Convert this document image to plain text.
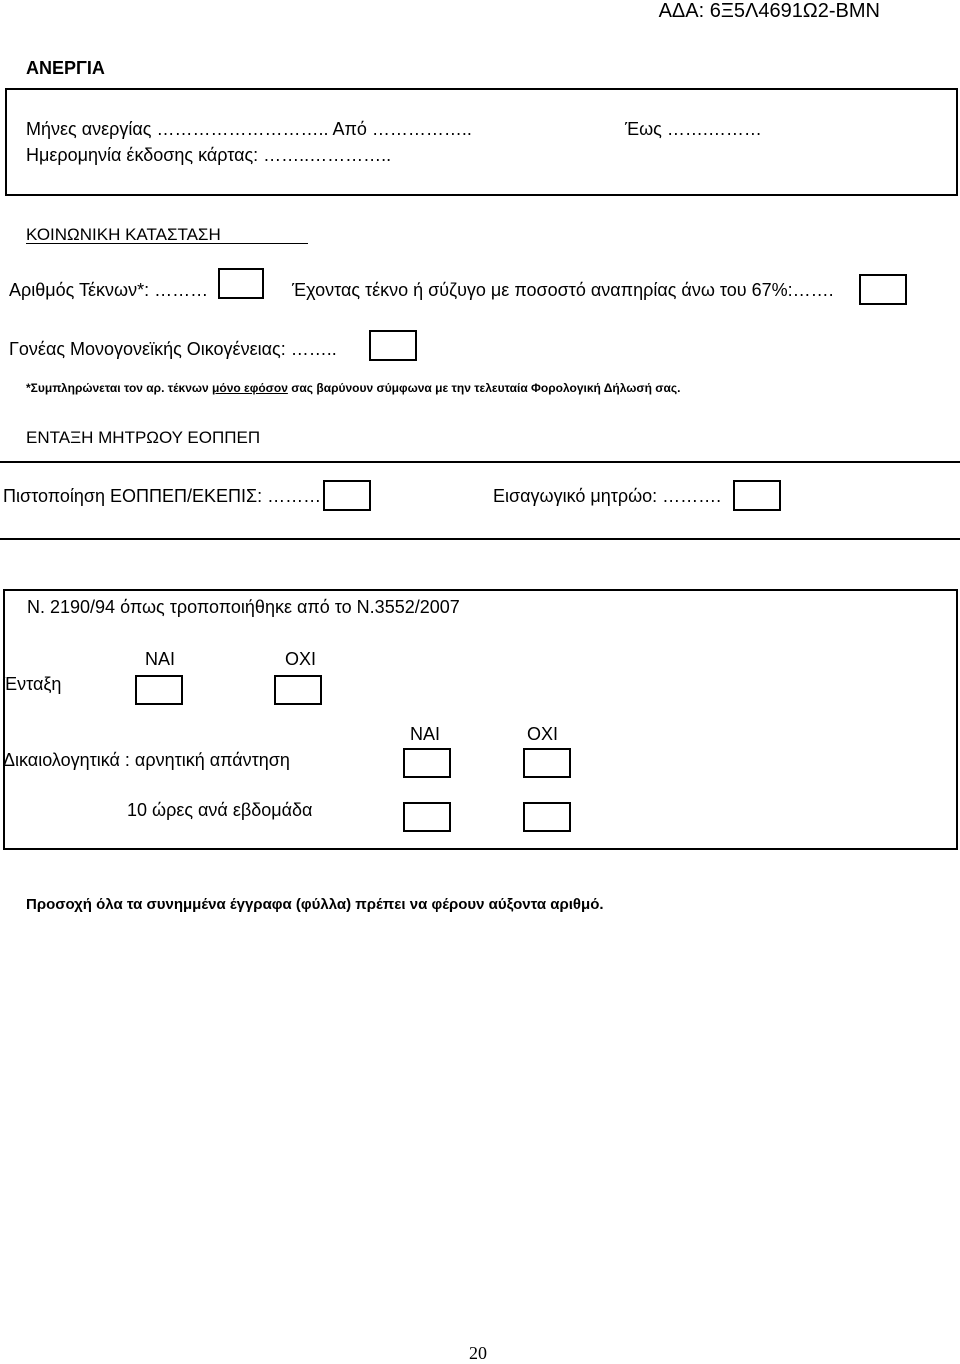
ΑΔΑ: 6Ξ5Λ4691Ω2-ΒΜΝ
ΑΝΕΡΓΙΑ
Μήνες ανεργίας ……………………….. Από ……………..	Έως …….………
Ημερομηνία έκδοσης κάρτας: ……..…………..
ΚΟΙΝΩΝΙΚΗ ΚΑΤΑΣΤΑΣΗ
Αριθμός Τέκνων*: ………	Έχοντας τέκνο ή σύζυγο με ποσοστό αναπηρίας άνω του 67%:…….
Γονέας Μονογονεϊκής Οικογένειας: ……..
*Συμπληρώνεται τον αρ. τέκνων μόνο εφόσον σας βαρύνουν σύμφωνα με την τελευταία Φορολογική Δήλωσή σας.
ΕΝΤΑΞΗ ΜΗΤΡΩΟΥ ΕΟΠΠΕΠ
Πιστοποίηση ΕΟΠΠΕΠ/ΕΚΕΠΙΣ: ………	Εισαγωγικό μητρώο: ……….
Ν. 2190/94 όπως τροποποιήθηκε από το Ν.3552/2007
ΝΑΙ	ΟΧΙ
Ένταξη
ΝΑΙ	ΟΧΙ
Δικαιολογητικά : αρνητική απάντηση
10 ώρες ανά εβδομάδα
Προσοχή όλα τα συνημμένα έγγραφα (φύλλα) πρέπει να φέρουν αύξοντα αριθμό.
20
